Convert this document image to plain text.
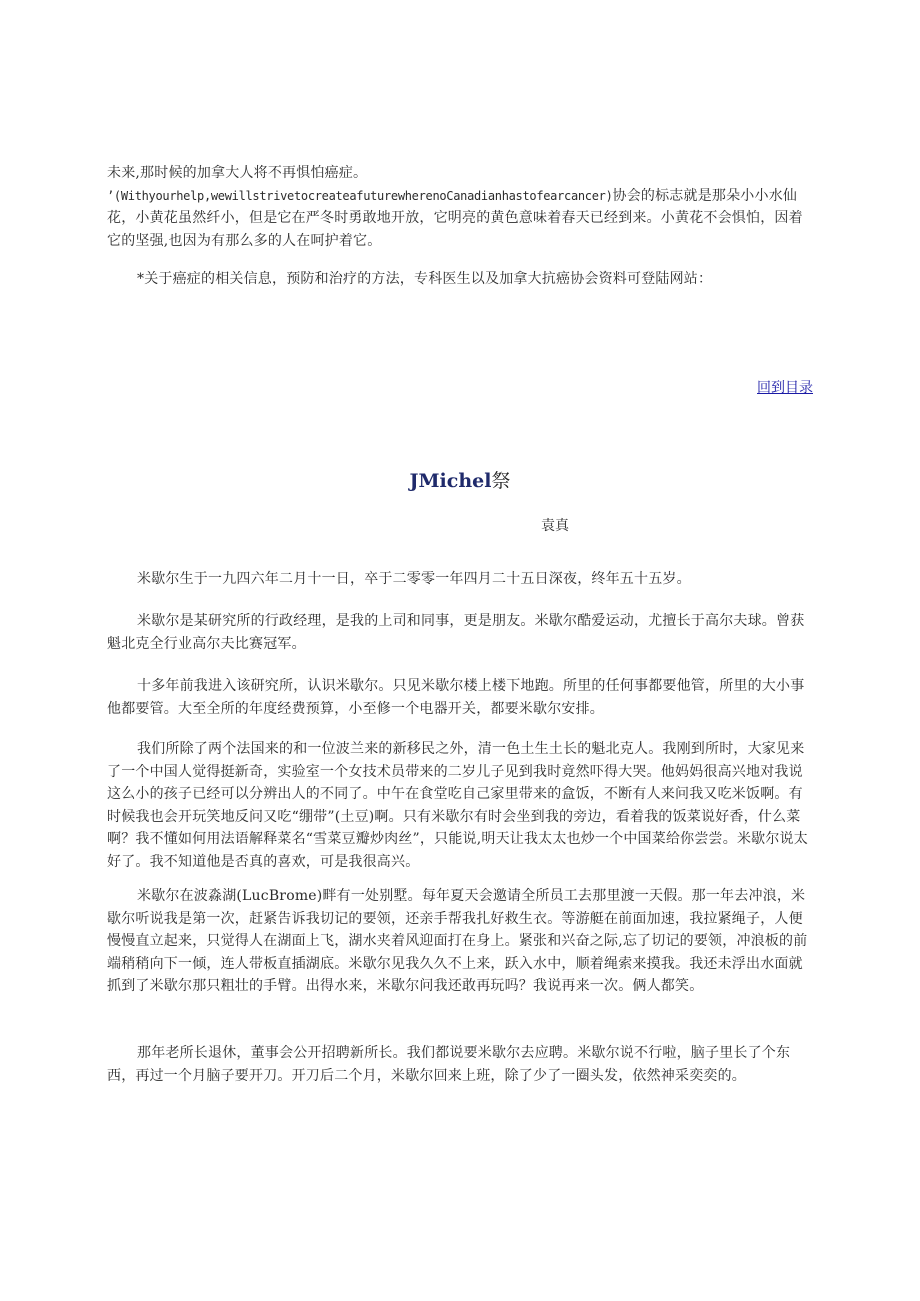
未来,那时候的加拿大人将不再惧怕癌症。

’(Withyourhelp,wewillstrivetocreateafuturewherenoCanadianhastofearcancer)协会的标志就是那朵小小水仙花，小黄花虽然纤小，但是它在严冬时勇敢地开放，它明亮的黄色意味着春天已经到来。小黄花不会惧怕，因着它的坚强,也因为有那么多的人在呵护着它。

*关于癌症的相关信息，预防和治疗的方法，专科医生以及加拿大抗癌协会资料可登陆网站：

回到目录
JMichel祭
袁真

米歇尔生于一九四六年二月十一日，卒于二零零一年四月二十五日深夜，终年五十五岁。

米歇尔是某研究所的行政经理，是我的上司和同事，更是朋友。米歇尔酷爱运动，尤擅长于高尔夫球。曾获魁北克全行业高尔夫比赛冠军。

十多年前我进入该研究所，认识米歇尔。只见米歇尔楼上楼下地跑。所里的任何事都要他管，所里的大小事他都要管。大至全所的年度经费预算，小至修一个电器开关，都要米歇尔安排。

我们所除了两个法国来的和一位波兰来的新移民之外，清一色土生土长的魁北克人。我刚到所时，大家见来了一个中国人觉得挺新奇，实验室一个女技术员带来的二岁儿子见到我时竟然吓得大哭。他妈妈很高兴地对我说这么小的孩子已经可以分辨出人的不同了。中午在食堂吃自己家里带来的盒饭，不断有人来问我又吃米饭啊。有时候我也会开玩笑地反问又吃“绷带”(土豆)啊。只有米歇尔有时会坐到我的旁边，看着我的饭菜说好香，什么菜啊？我不懂如何用法语解释菜名“雪菜豆瓣炒肉丝”，只能说,明天让我太太也炒一个中国菜给你尝尝。米歇尔说太好了。我不知道他是否真的喜欢，可是我很高兴。

米歇尔在波淼湖(LucBrome)畔有一处别墅。每年夏天会邀请全所员工去那里渡一天假。那一年去冲浪，米歇尔听说我是第一次，赶紧告诉我切记的要领，还亲手帮我扎好救生衣。等游艇在前面加速，我拉紧绳子，人便慢慢直立起来，只觉得人在湖面上飞，湖水夹着风迎面打在身上。紧张和兴奋之际,忘了切记的要领，冲浪板的前端稍稍向下一倾，连人带板直插湖底。米歇尔见我久久不上来，跃入水中，顺着绳索来摸我。我还未浮出水面就抓到了米歇尔那只粗壮的手臂。出得水来，米歇尔问我还敢再玩吗？我说再来一次。俩人都笑。

那年老所长退休，董事会公开招聘新所长。我们都说要米歇尔去应聘。米歇尔说不行啦，脑子里长了个东西，再过一个月脑子要开刀。开刀后二个月，米歇尔回来上班，除了少了一圈头发，依然神采奕奕的。
